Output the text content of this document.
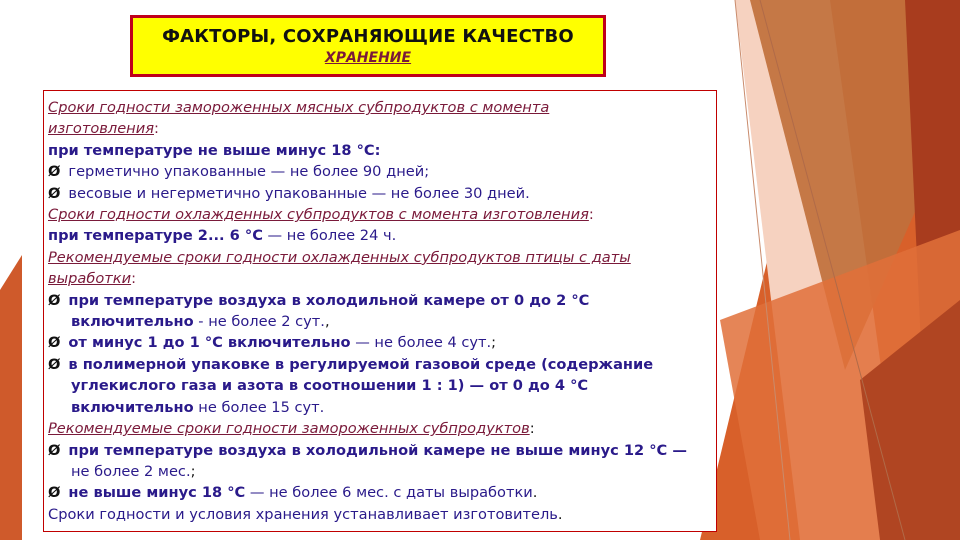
ФАКТОРЫ, СОХРАНЯЮЩИЕ КАЧЕСТВО
ХРАНЕНИЕ
Сроки годности замороженных мясных субпродуктов с момента
изготовления:
при температуре не выше минус 18 °С:
Ø герметично упакованные — не более 90 дней;
Ø весовые и негерметично упакованные — не более 30 дней.
Сроки годности охлажденных субпродуктов с момента изготовления:
при температуре 2... 6 °С — не более 24 ч.
Рекомендуемые сроки годности охлажденных субпродуктов птицы с даты
выработки:
Ø при температуре воздуха в холодильной камере от 0 до 2 °С
включительно - не более 2 сут.,
Ø от минус 1 до 1 °С включительно — не более 4 сут.;
Ø в полимерной упаковке в регулируемой газовой среде (содержание
углекислого газа и азота в соотношении 1 : 1) — от 0 до 4 °С
включительно не более 15 сут.
Рекомендуемые сроки годности замороженных субпродуктов:
Ø при температуре воздуха в холодильной камере не выше минус 12 °С —
не более 2 мес.;
Ø не выше минус 18 °С — не более 6 мес. с даты выработки.
Сроки годности и условия хранения устанавливает изготовитель.
